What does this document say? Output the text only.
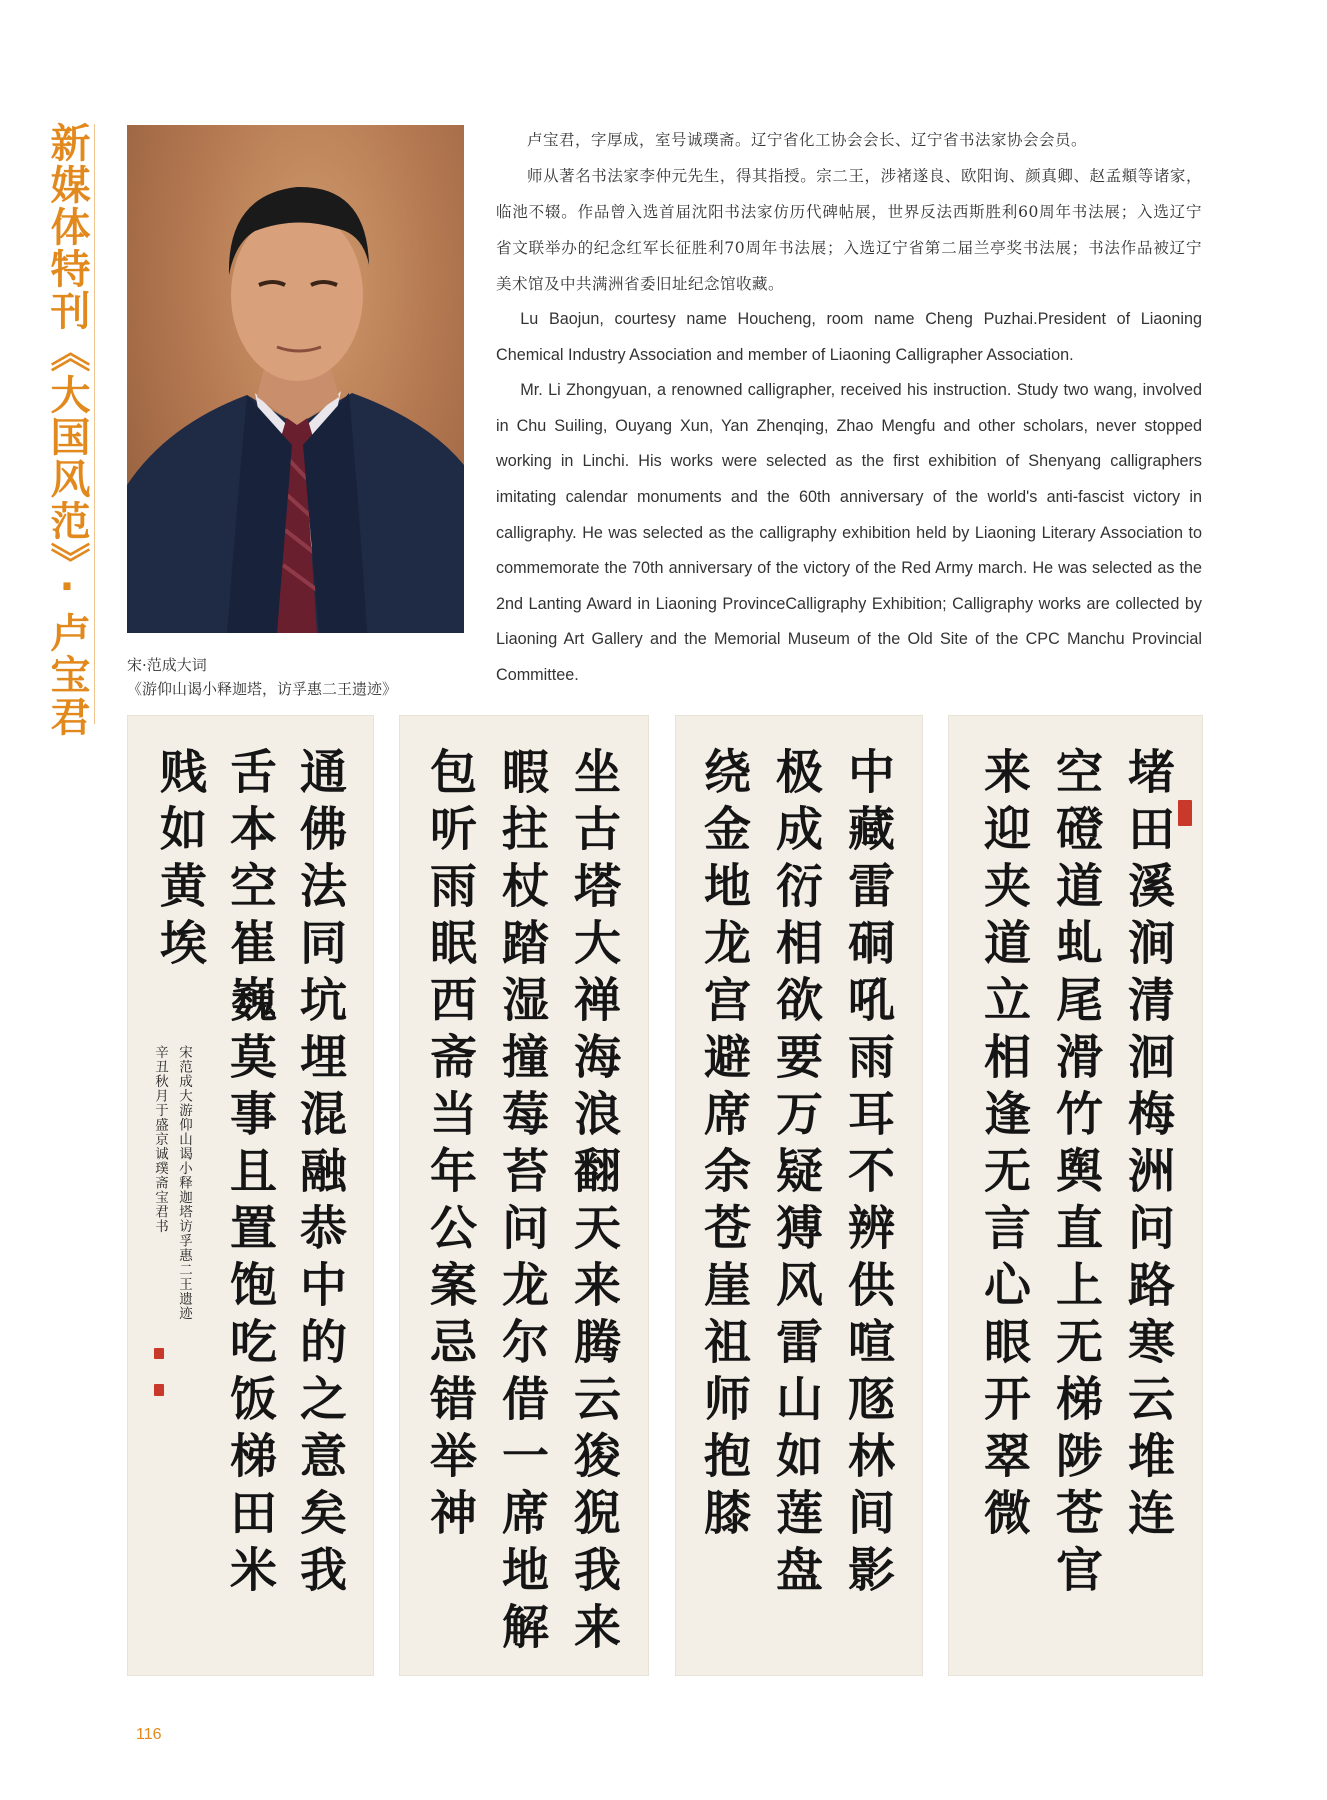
新媒体特刊《大国风范》·卢宝君 宋·范成大词
《游仰山谒小释迦塔，访孚惠二王遗迹》

卢宝君，字厚成，室号诚璞斋。辽宁省化工协会会长、辽宁省书法家协会会员。

师从著名书法家李仲元先生，得其指授。宗二王，涉褚遂良、欧阳询、颜真卿、赵孟頫等诸家，临池不辍。作品曾入选首届沈阳书法家仿历代碑帖展，世界反法西斯胜利60周年书法展；入选辽宁省文联举办的纪念红军长征胜利70周年书法展；入选辽宁省第二届兰亭奖书法展；书法作品被辽宁美术馆及中共满洲省委旧址纪念馆收藏。

Lu Baojun, courtesy name Houcheng, room name Cheng Puzhai.President of Liaoning Chemical Industry Association and member of Liaoning Calligrapher Association.

Mr. Li Zhongyuan, a renowned calligrapher, received his instruction. Study two wang, involved in Chu Suiling, Ouyang Xun, Yan Zhenqing, Zhao Mengfu and other scholars, never stopped working in Linchi. His works were selected as the first exhibition of Shenyang calligraphers imitating calendar monuments and the 60th anniversary of the world's anti-fascist victory in calligraphy. He was selected as the calligraphy exhibition held by Liaoning Literary Association to commemorate the 70th anniversary of the victory of the Red Army march. He was selected as the 2nd Lanting Award in Liaoning ProvinceCalligraphy Exhibition; Calligraphy works are collected by Liaoning Art Gallery and the Memorial Museum of the Old Site of the CPC Manchu Provincial Committee.

堵田溪涧清洄梅洲问路寒云堆连
空磴道虬尾滑竹舆直上无梯陟苍官
来迎夹道立相逢无言心眼开翠微
中藏雷硐吼雨耳不辨供喧豗林间影
极成衍相欲要万疑猼风雷山如莲盘
绕金地龙宫避席余苍崖祖师抱膝
坐古塔大禅海浪翻天来腾云狻猊我来
暇拄杖踏湿撞莓苔问龙尔借一席地解
包听雨眠西斋当年公案忌错举神
通佛法同坑埋混融恭中的之意矣我
舌本空崔巍莫事且置饱吃饭梯田米
贱如黄埃
宋范成大游仰山谒小释迦塔访孚惠二王遗迹
辛丑秋月于盛京诚璞斋宝君书
116
